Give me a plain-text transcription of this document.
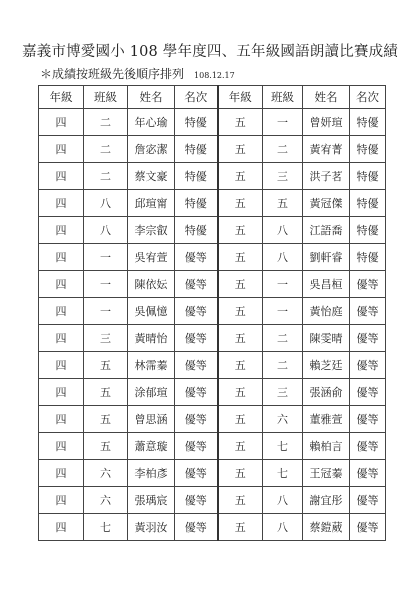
嘉義市博愛國小 108 學年度四、五年級國語朗讀比賽成績
＊成績按班級先後順序排列 108.12.17
年級	班級	姓名	名次	年級	班級	姓名	名次
四	二	年心瑜	特優	五	一	曾妍瑄	特優
四	二	詹宓潔	特優	五	二	黃宥菁	特優
四	二	蔡文豪	特優	五	三	洪子茗	特優
四	八	邱瑄甯	特優	五	五	黃冠傑	特優
四	八	李宗叡	特優	五	八	江語喬	特優
四	一	吳宥萱	優等	五	八	劉軒睿	特優
四	一	陳依妘	優等	五	一	吳昌桓	優等
四	一	吳佩憶	優等	五	一	黃怡庭	優等
四	三	黃晴怡	優等	五	二	陳雯晴	優等
四	五	林霈蓁	優等	五	二	賴芝廷	優等
四	五	涂郁瑄	優等	五	三	張涵俞	優等
四	五	曾思涵	優等	五	六	董雅萱	優等
四	五	蕭意璇	優等	五	七	賴柏言	優等
四	六	李柏彥	優等	五	七	王冠蓁	優等
四	六	張瑀宸	優等	五	八	謝宜彤	優等
四	七	黃羽汝	優等	五	八	蔡鎧葳	優等
